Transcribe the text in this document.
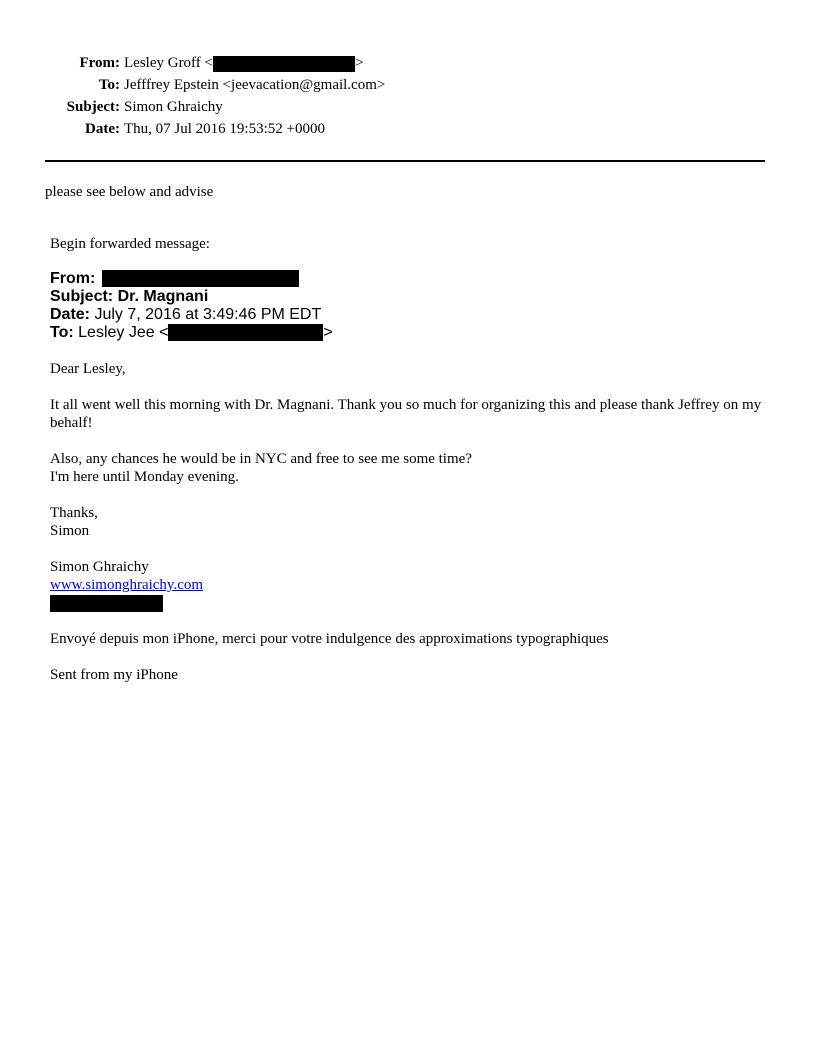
From: Lesley Groff <	>
To: Jefffrey Epstein <jeevacation@gmail.com>
Subject: Simon Ghraichy
Date: Thu, 07 Jul 2016 19:53:52 +0000
please see below and advise
Begin forwarded message:
From:
Subject: Dr. Magnani
Date: July 7, 2016 at 3:49:46 PM EDT
To: Lesley Jee <	>
Dear Lesley,
It all went well this morning with Dr. Magnani. Thank you so much for organizing this and please thank Jeffrey on my behalf!
Also, any chances he would be in NYC and free to see me some time?
I'm here until Monday evening.
Thanks,
Simon
Simon Ghraichy
www.simonghraichy.com
Envoyé depuis mon iPhone, merci pour votre indulgence des approximations typographiques
Sent from my iPhone
